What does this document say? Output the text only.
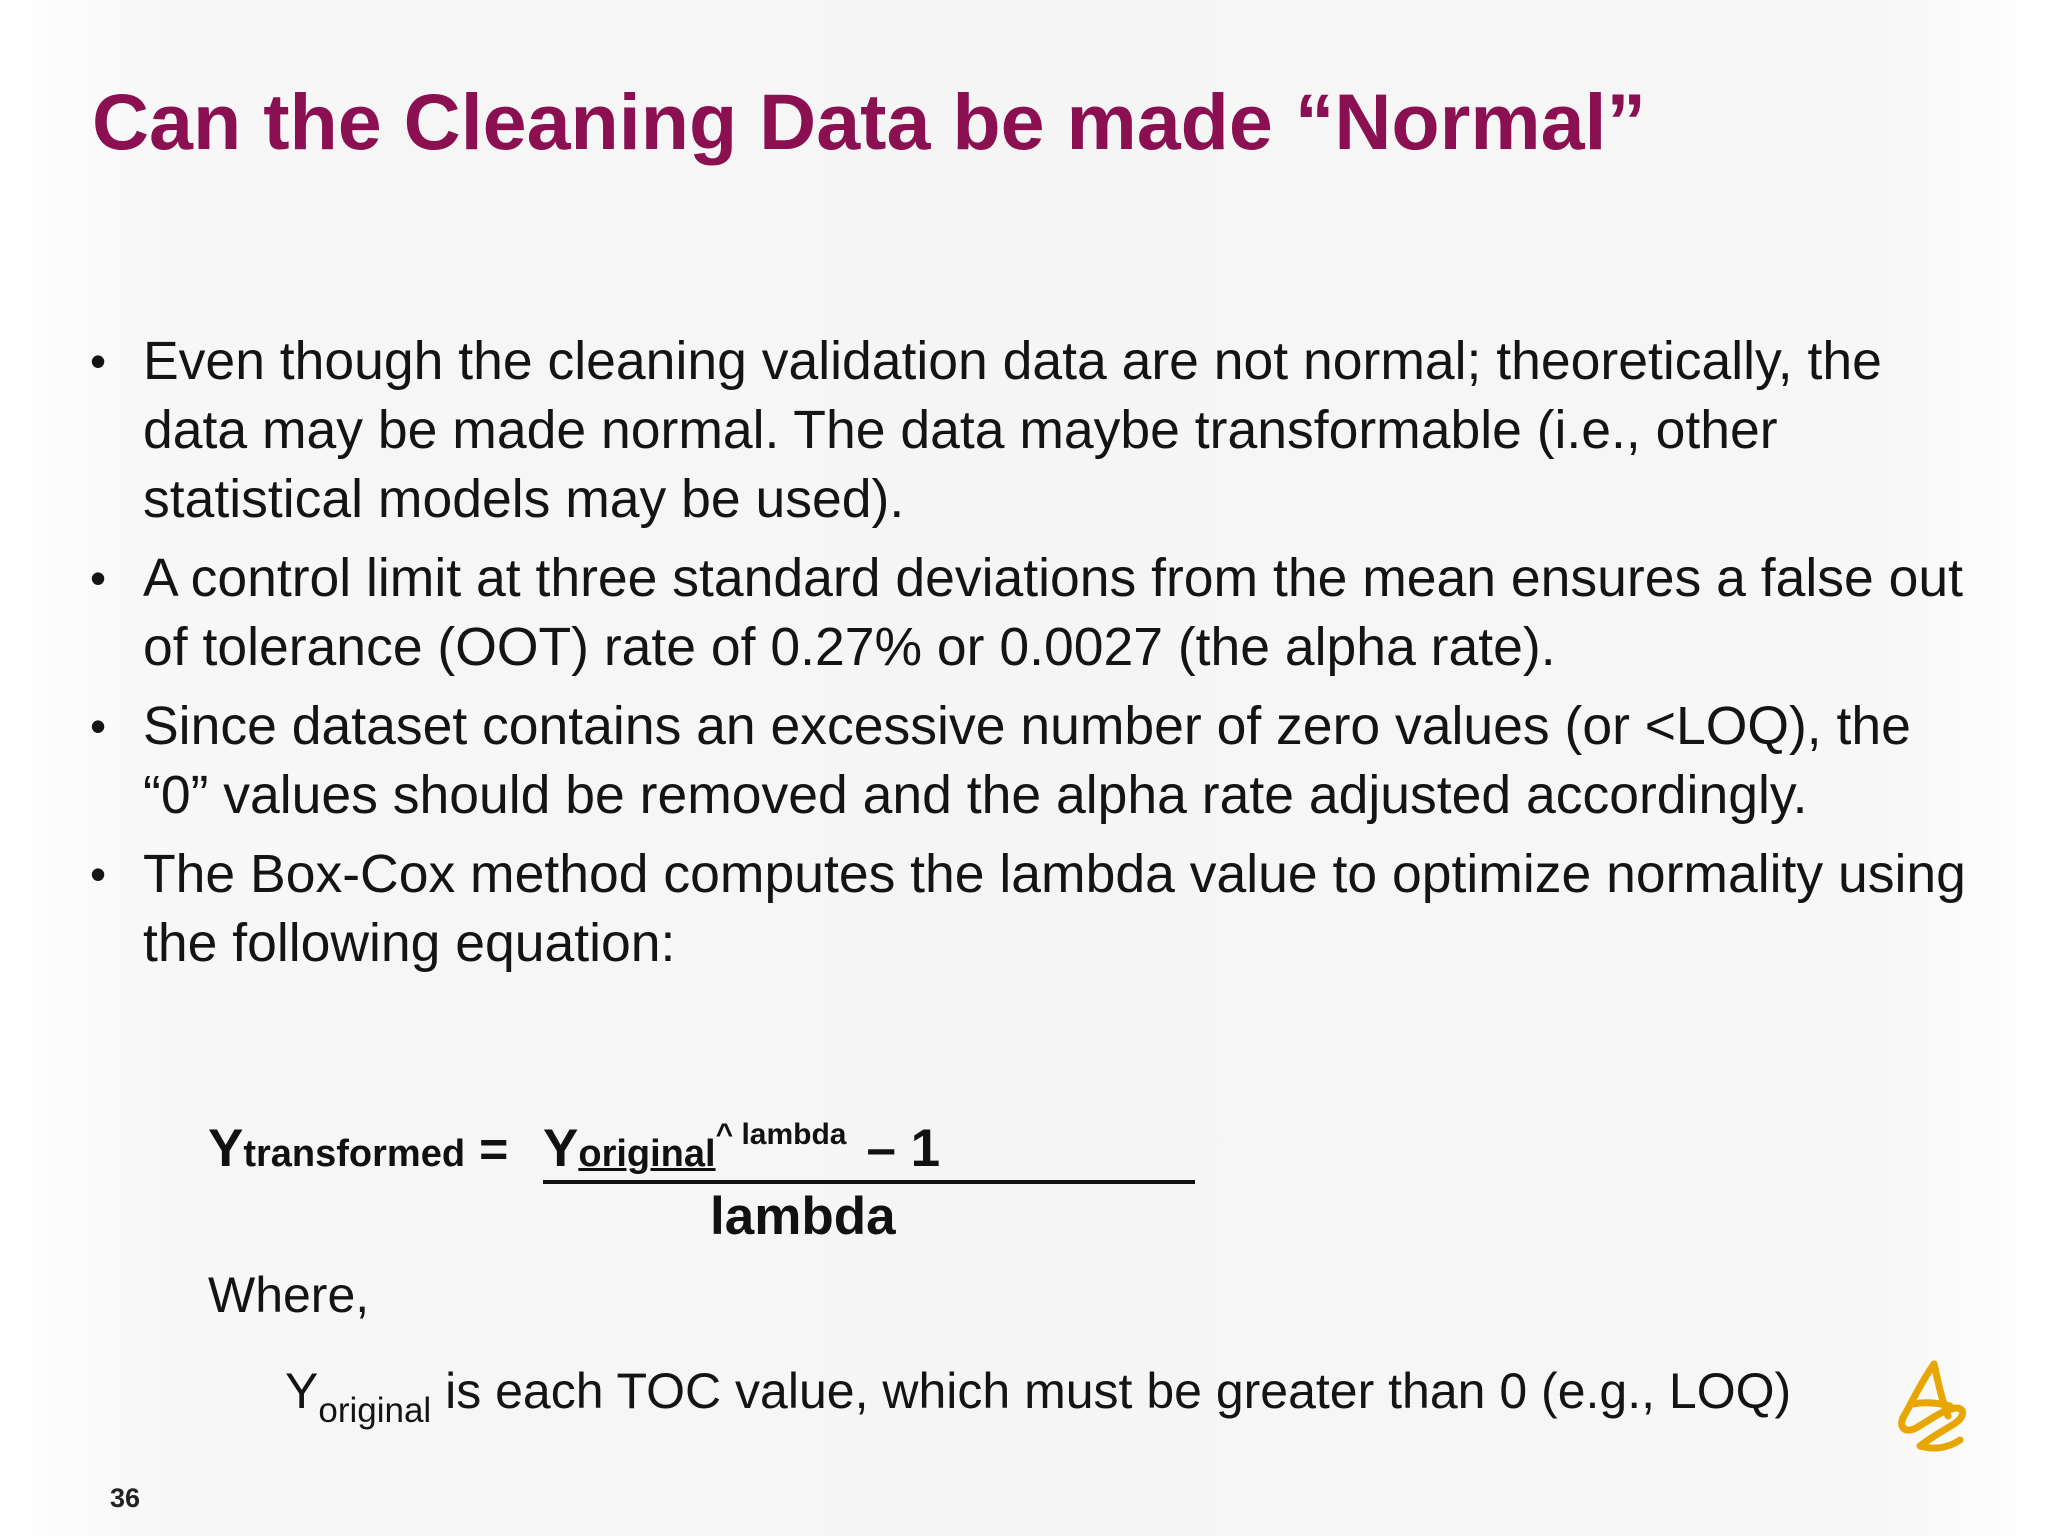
Can the Cleaning Data be made “Normal”
• Even though the cleaning validation data are not normal; theoretically, the data may be made normal. The data maybe transformable (i.e., other statistical models may be used).
• A control limit at three standard deviations from the mean ensures a false out of tolerance (OOT) rate of 0.27% or 0.0027 (the alpha rate).
• Since dataset contains an excessive number of zero values (or <LOQ), the “0” values should be removed and the alpha rate adjusted accordingly.
• The Box-Cox method computes the lambda value to optimize normality using the following equation:
Ytransformed = Yoriginal^ lambda – 1
lambda
Where,
$Y_{original}$ is each TOC value, which must be greater than 0 (e.g., LOQ)
36
